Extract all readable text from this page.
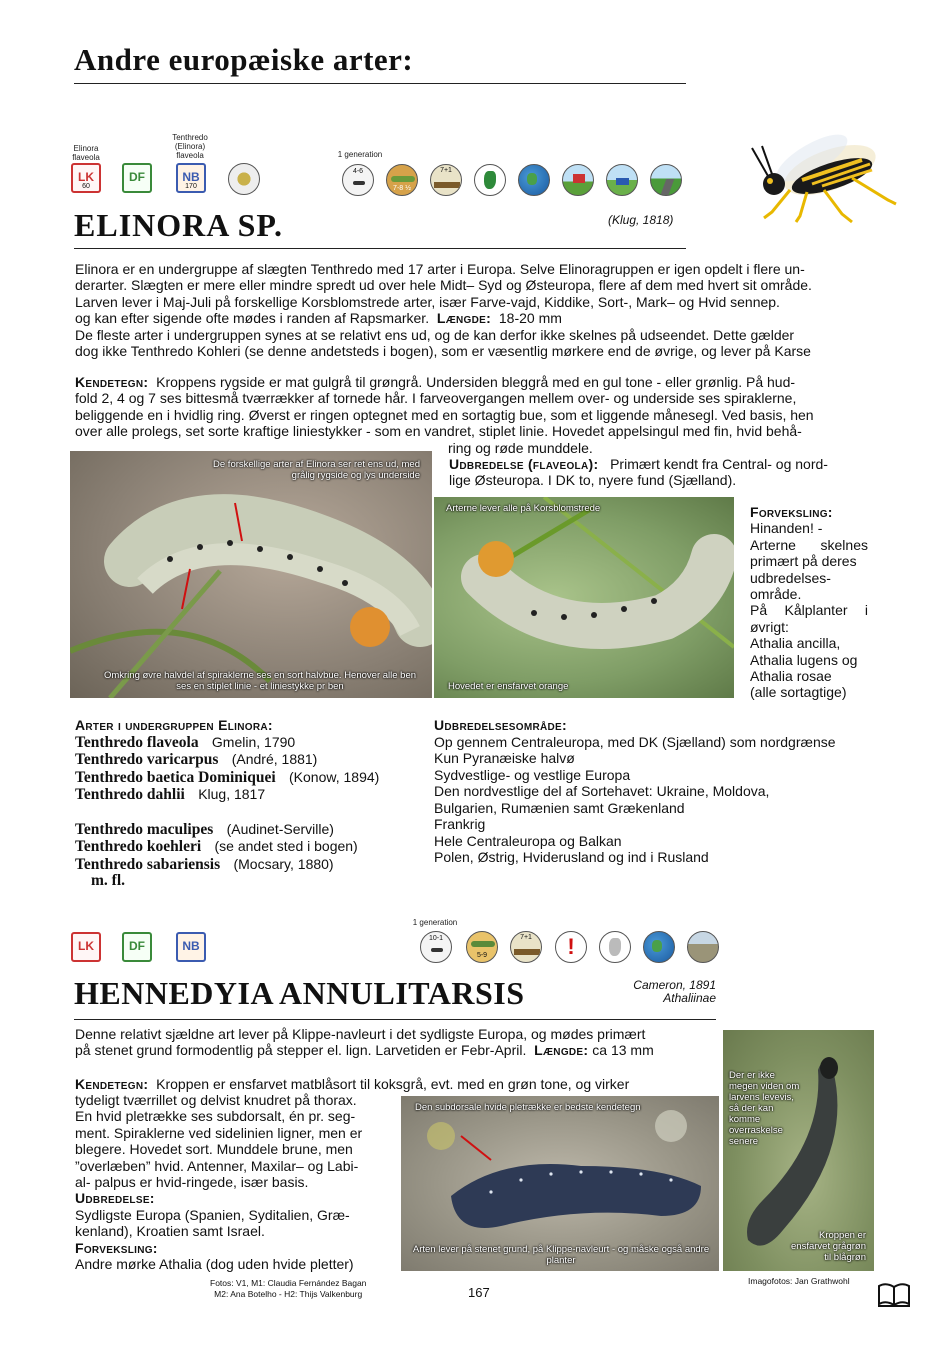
Andre europæiske arter:
Elinora flaveola
Tenthredo (Elinora) flaveola
LK
60
DF	NB
170
1 generation
4-6
7-8 ½
7+1
ELINORA SP.	(Klug, 1818)
Elinora er en undergruppe af slægten Tenthredo med 17 arter i Europa. Selve Elinoragruppen er igen opdelt i flere un-
derarter. Slægten er mere eller mindre spredt ud over hele Midt– Syd og Østeuropa, flere af dem med hvert sit område.
Larven lever i Maj-Juli på forskellige Korsblomstrede arter, især Farve-vajd, Kiddike, Sort-, Mark– og Hvid sennep.
og kan efter sigende ofte mødes i randen af Rapsmarker. Længde: 18-20 mm
De fleste arter i undergruppen synes at se relativt ens ud, og de kan derfor ikke skelnes på udseendet. Dette gælder
dog ikke Tenthredo Kohleri (se denne andetsteds i bogen), som er væsentlig mørkere end de øvrige, og lever på Karse
Kendetegn: Kroppens rygside er mat gulgrå til grøngrå. Undersiden bleggrå med en gul tone - eller grønlig. På hud-
fold 2, 4 og 7 ses bittesmå tværrækker af tornede hår. I farveovergangen mellem over- og underside ses spiraklerne,
beliggende en i hvidlig ring. Øverst er ringen optegnet med en sortagtig bue, som et liggende månesegl. Ved basis, hen
over alle prolegs, set sorte kraftige liniestykker - som en vandret, stiplet linie. Hovedet appelsingul med fin, hvid behå-
ring og røde munddele.
Udbredelse (flaveola): Primært kendt fra Central- og nord-
lige Østeuropa. I DK to, nyere fund (Sjælland).
De forskellige arter af Elinora ser ret ens ud, med grålig rygside og lys underside
Omkring øvre halvdel af spiraklerne ses en sort halvbue. Henover alle ben ses en stiplet linie - et liniestykke pr ben
Arterne lever alle på Korsblomstrede
Hovedet er ensfarvet orange
Forveksling:
Hinanden! -
Arterne skelnes
primært på deres
udbredelses-
område.
På Kålplanter i
øvrigt:
Athalia ancilla,
Athalia lugens og
Athalia rosae
(alle sortagtige)
Arter i undergruppen Elinora:
Tenthredo flaveola Gmelin, 1790
Tenthredo varicarpus (André, 1881)
Tenthredo baetica Dominiquei (Konow, 1894)
Tenthredo dahlii Klug, 1817
Tenthredo maculipes (Audinet-Serville)
Tenthredo koehleri (se andet sted i bogen)
Tenthredo sabariensis (Mocsary, 1880)
m. fl.
Udbredelsesområde:
Op gennem Centraleuropa, med DK (Sjælland) som nordgrænse
Kun Pyranæiske halvø
Sydvestlige- og vestlige Europa
Den nordvestlige del af Sortehavet: Ukraine, Moldova,
Bulgarien, Rumænien samt Grækenland
Frankrig
Hele Centraleuropa og Balkan
Polen, Østrig, Hviderusland og ind i Rusland
LK	DF	NB
1 generation
10-1
5-9
7+1	!
HENNEDYIA ANNULITARSIS	Cameron, 1891
Athaliinae
Denne relativt sjældne art lever på Klippe-navleurt i det sydligste Europa, og mødes primært
på stenet grund formodentlig på stepper el. lign. Larvetiden er Febr-April. Længde: ca 13 mm
Kendetegn: Kroppen er ensfarvet matblåsort til koksgrå, evt. med en grøn tone, og virker
tydeligt tværrillet og delvist knudret på thorax.
En hvid pletrække ses subdorsalt, én pr. seg-
ment. Spiraklerne ved sidelinien ligner, men er
blegere. Hovedet sort. Munddele brune, men
”overlæben” hvid. Antenner, Maxilar– og Labi-
al- palpus er hvid-ringede, især basis.
Udbredelse:
Sydligste Europa (Spanien, Syditalien, Græ-
kenland), Kroatien samt Israel.
Forveksling:
Andre mørke Athalia (dog uden hvide pletter)
Den subdorsale hvide pletrække er bedste kendetegn
Arten lever på stenet grund, på Klippe-navleurt - og måske også andre planter
Der er ikke megen viden om larvens levevis, så der kan komme overraskelse senere
Kroppen er ensfarvet grågrøn til blågrøn
Fotos: V1, M1: Claudia Fernández Bagan
M2: Ana Botelho - H2: Thijs Valkenburg	167
Imagofotos: Jan Grathwohl
